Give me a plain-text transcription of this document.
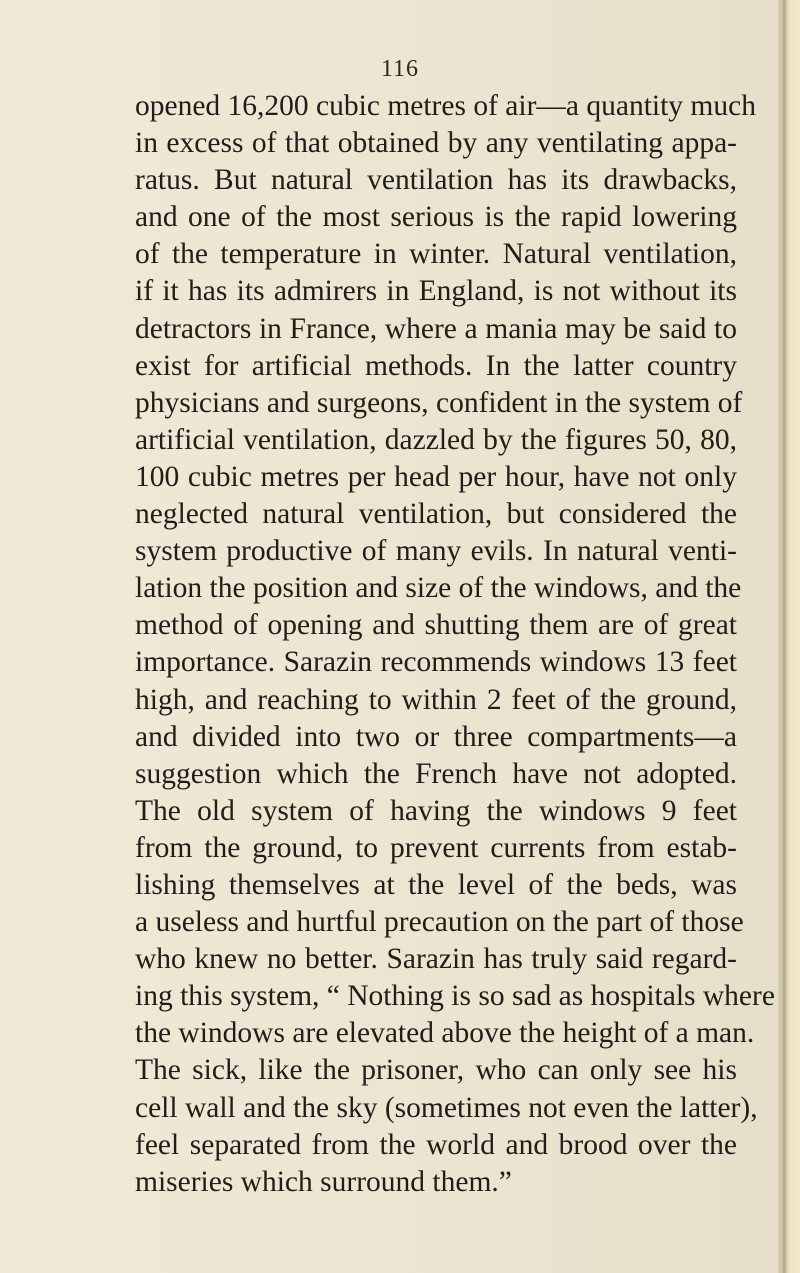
116
opened 16,200 cubic metres of air—a quantity much
in excess of that obtained by any ventilating appa-
ratus. But natural ventilation has its drawbacks,
and one of the most serious is the rapid lowering
of the temperature in winter. Natural ventilation,
if it has its admirers in England, is not without its
detractors in France, where a mania may be said to
exist for artificial methods. In the latter country
physicians and surgeons, confident in the system of
artificial ventilation, dazzled by the figures 50, 80,
100 cubic metres per head per hour, have not only
neglected natural ventilation, but considered the
system productive of many evils. In natural venti-
lation the position and size of the windows, and the
method of opening and shutting them are of great
importance. Sarazin recommends windows 13 feet
high, and reaching to within 2 feet of the ground,
and divided into two or three compartments—a
suggestion which the French have not adopted.
The old system of having the windows 9 feet
from the ground, to prevent currents from estab-
lishing themselves at the level of the beds, was
a useless and hurtful precaution on the part of those
who knew no better. Sarazin has truly said regard-
ing this system, “ Nothing is so sad as hospitals where
the windows are elevated above the height of a man.
The sick, like the prisoner, who can only see his
cell wall and the sky (sometimes not even the latter),
feel separated from the world and brood over the
miseries which surround them.”
